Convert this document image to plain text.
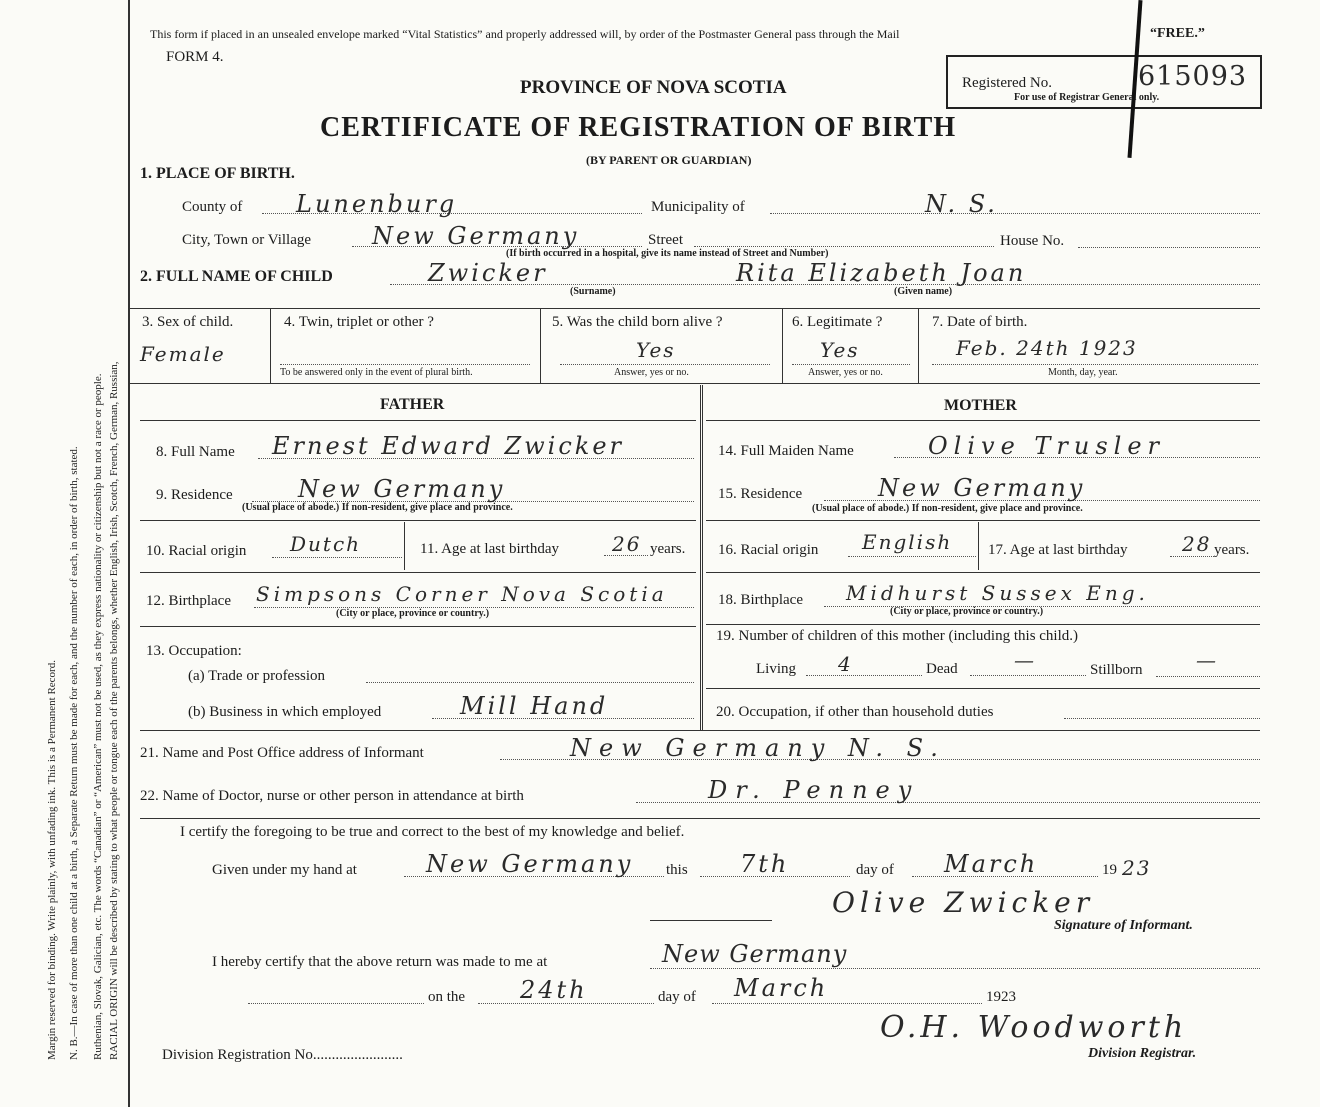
RACIAL ORIGIN will be described by stating to what people or tongue each of the parents belongs, whether English, Irish, Scotch, French, German, Russian,
Ruthenian, Slovak, Galician, etc. The words “Canadian” or “American” must not be used, as they express nationality or citizenship but not a race or people.
N. B.—In case of more than one child at a birth, a Separate Return must be made for each, and the number of each, in order of birth, stated.
Margin reserved for binding. Write plainly, with unfading ink. This is a Permanent Record.
This form if placed in an unsealed envelope marked “Vital Statistics” and properly addressed will, by order of the Postmaster General pass through the Mail	“FREE.”
FORM 4.
PROVINCE OF NOVA SCOTIA
CERTIFICATE OF REGISTRATION OF BIRTH
(BY PARENT OR GUARDIAN)
Registered No.	615093
For use of Registrar General only.
1. PLACE OF BIRTH.
County of Lunenburg	Municipality of	N. S.
City, Town or Village	New Germany	Street
(If birth occurred in a hospital, give its name instead of Street and Number)
House No.
2. FULL NAME OF CHILD	Zwicker
(Surname)
Rita Elizabeth Joan
(Given name)
3. Sex of child.
Female
4. Twin, triplet or other ?
To be answered only in the event of plural birth.
5. Was the child born alive ?
Yes
Answer, yes or no.
6. Legitimate ?
Yes
Answer, yes or no.
7. Date of birth.
Feb. 24th 1923
Month, day, year.
FATHER	MOTHER
8. Full Name Ernest Edward Zwicker
9. Residence	New Germany
(Usual place of abode.) If non-resident, give place and province.
10. Racial origin Dutch	11. Age at last birthday	26 years.
12. Birthplace Simpsons Corner Nova Scotia
(City or place, province or country.)
13. Occupation:
(a) Trade or profession
(b) Business in which employed	Mill Hand
14. Full Maiden Name	Olive Trusler
15. Residence	New Germany
(Usual place of abode.) If non-resident, give place and province.
16. Racial origin English 17. Age at last birthday	28 years.
18. Birthplace Midhurst Sussex Eng.
(City or place, province or country.)
19. Number of children of this mother (including this child.)
Living 4	Dead	—	Stillborn	—
20. Occupation, if other than household duties
21. Name and Post Office address of Informant	New Germany N. S.
22. Name of Doctor, nurse or other person in attendance at birth	Dr. Penney
I certify the foregoing to be true and correct to the best of my knowledge and belief.
Given under my hand at	New Germany this 7th	day of March	19 23
Olive Zwicker
Signature of Informant.
I hereby certify that the above return was made to me at	New Germany
on the 24th	day of March	1923
O.H. Woodworth
Division Registrar.
Division Registration No........................
